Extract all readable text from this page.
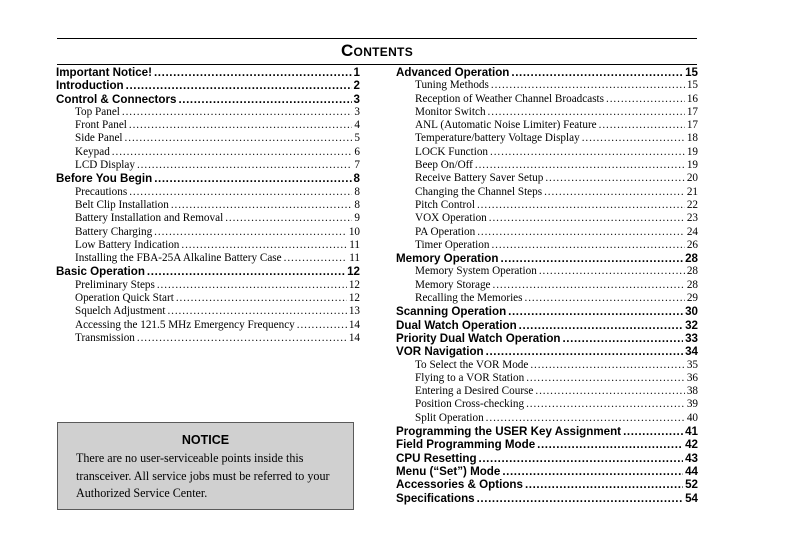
Contents
Important Notice! .....	1
Introduction .....	2
Control & Connectors .....	3
Top Panel .....	3
Front Panel .....	4
Side Panel .....	5
Keypad .....	6
LCD Display .....	7
Before You Begin .....	8
Precautions .....	8
Belt Clip Installation .....	8
Battery Installation and Removal .....	9
Battery Charging .....	10
Low Battery Indication .....	11
Installing the FBA-25A Alkaline Battery Case .....	11
Basic Operation .....	12
Preliminary Steps .....	12
Operation Quick Start .....	12
Squelch Adjustment .....	13
Accessing the 121.5 MHz Emergency Frequency .....	14
Transmission .....	14
Advanced Operation .....	15
Tuning Methods .....	15
Reception of Weather Channel Broadcasts .....	16
Monitor Switch .....	17
ANL (Automatic Noise Limiter) Feature .....	17
Temperature/battery Voltage Display .....	18
LOCK Function .....	19
Beep On/Off .....	19
Receive Battery Saver Setup .....	20
Changing the Channel Steps .....	21
Pitch Control .....	22
VOX Operation .....	23
PA Operation .....	24
Timer Operation .....	26
Memory Operation .....	28
Memory System Operation .....	28
Memory Storage .....	28
Recalling the Memories .....	29
Scanning Operation .....	30
Dual Watch Operation .....	32
Priority Dual Watch Operation .....	33
VOR Navigation .....	34
To Select the VOR Mode .....	35
Flying to a VOR Station .....	36
Entering a Desired Course .....	38
Position Cross-checking .....	39
Split Operation .....	40
Programming the USER Key Assignment .....	41
Field Programming Mode .....	42
CPU Resetting .....	43
Menu (“Set”) Mode .....	44
Accessories & Options .....	52
Specifications .....	54
NOTICE
There are no user-serviceable points inside this
transceiver. All service jobs must be referred to your
Authorized Service Center.
